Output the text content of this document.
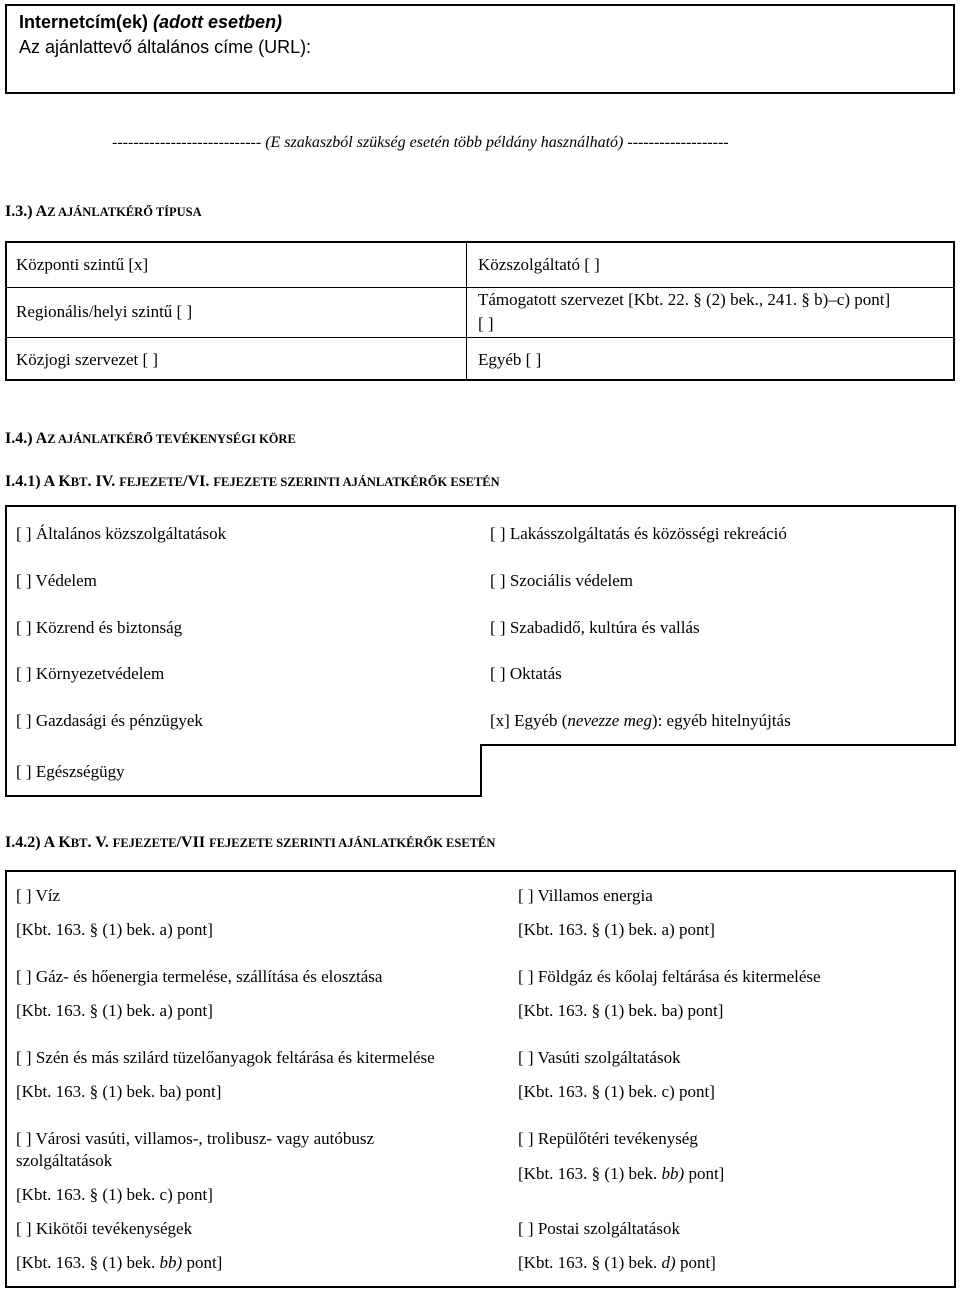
Internetcím(ek) (adott esetben)
Az ajánlattevő általános címe (URL):
---------------------------- (E szakaszból szükség esetén több példány használható) -------------------
I.3.) AZ AJÁNLATKÉRŐ TÍPUSA
Központi szintű [x]	Közszolgáltató [ ]
Regionális/helyi szintű [ ]
Támogatott szervezet [Kbt. 22. § (2) bek., 241. § b)–c) pont]
[ ]
Közjogi szervezet [ ]	Egyéb [ ]
I.4.) AZ AJÁNLATKÉRŐ TEVÉKENYSÉGI KÖRE
I.4.1) A KBT. IV. FEJEZETE/VI. FEJEZETE SZERINTI AJÁNLATKÉRŐK ESETÉN
[ ] Általános közszolgáltatások
[ ] Védelem
[ ] Közrend és biztonság
[ ] Környezetvédelem
[ ] Gazdasági és pénzügyek
[ ] Egészségügy
[ ] Lakásszolgáltatás és közösségi rekreáció
[ ] Szociális védelem
[ ] Szabadidő, kultúra és vallás
[ ] Oktatás
[x] Egyéb (nevezze meg): egyéb hitelnyújtás
I.4.2) A KBT. V. FEJEZETE/VII FEJEZETE SZERINTI AJÁNLATKÉRŐK ESETÉN
[ ] Víz
[Kbt. 163. § (1) bek. a) pont]
[ ] Gáz- és hőenergia termelése, szállítása és elosztása
[Kbt. 163. § (1) bek. a) pont]
[ ] Szén és más szilárd tüzelőanyagok feltárása és kitermelése
[Kbt. 163. § (1) bek. ba) pont]
[ ] Városi vasúti, villamos-, trolibusz- vagy autóbusz szolgáltatások
[Kbt. 163. § (1) bek. c) pont]
[ ] Kikötői tevékenységek
[Kbt. 163. § (1) bek. bb) pont]
[ ] Villamos energia
[Kbt. 163. § (1) bek. a) pont]
[ ] Földgáz és kőolaj feltárása és kitermelése
[Kbt. 163. § (1) bek. ba) pont]
[ ] Vasúti szolgáltatások
[Kbt. 163. § (1) bek. c) pont]
[ ] Repülőtéri tevékenység
[Kbt. 163. § (1) bek. bb) pont]
[ ] Postai szolgáltatások
[Kbt. 163. § (1) bek. d) pont]
